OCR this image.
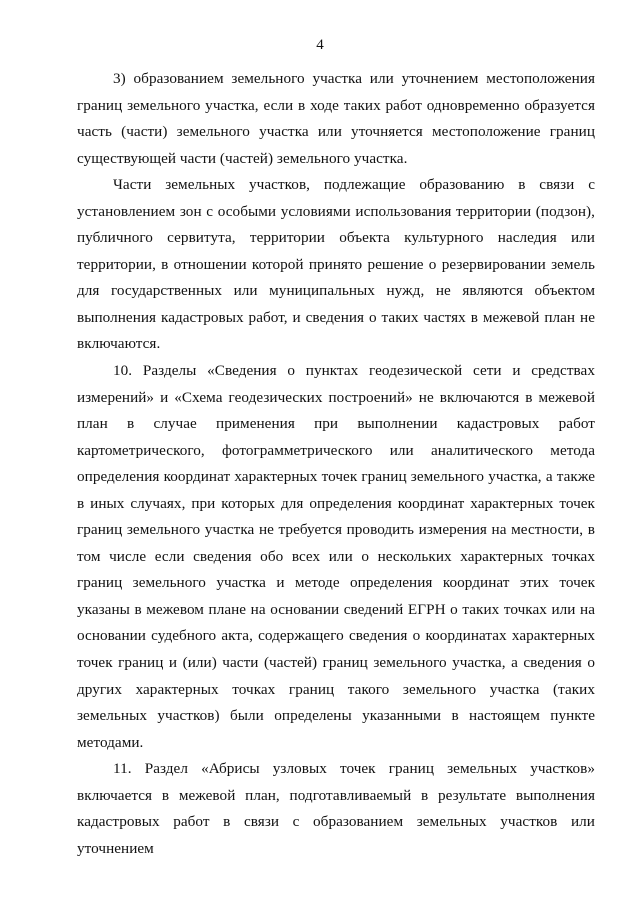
4

3) образованием земельного участка или уточнением местоположения границ земельного участка, если в ходе таких работ одновременно образуется часть (части) земельного участка или уточняется местоположение границ существующей части (частей) земельного участка.

Части земельных участков, подлежащие образованию в связи с установлением зон с особыми условиями использования территории (подзон), публичного сервитута, территории объекта культурного наследия или территории, в отношении которой принято решение о резервировании земель для государственных или муниципальных нужд, не являются объектом выполнения кадастровых работ, и сведения о таких частях в межевой план не включаются.

10. Разделы «Сведения о пунктах геодезической сети и средствах измерений» и «Схема геодезических построений» не включаются в межевой план в случае применения при выполнении кадастровых работ картометрического, фотограмметрического или аналитического метода определения координат характерных точек границ земельного участка, а также в иных случаях, при которых для определения координат характерных точек границ земельного участка не требуется проводить измерения на местности, в том числе если сведения обо всех или о нескольких характерных точках границ земельного участка и методе определения координат этих точек указаны в межевом плане на основании сведений ЕГРН о таких точках или на основании судебного акта, содержащего сведения о координатах характерных точек границ и (или) части (частей) границ земельного участка, а сведения о других характерных точках границ такого земельного участка (таких земельных участков) были определены указанными в настоящем пункте методами.

11. Раздел «Абрисы узловых точек границ земельных участков» включается в межевой план, подготавливаемый в результате выполнения кадастровых работ в связи с образованием земельных участков или уточнением
